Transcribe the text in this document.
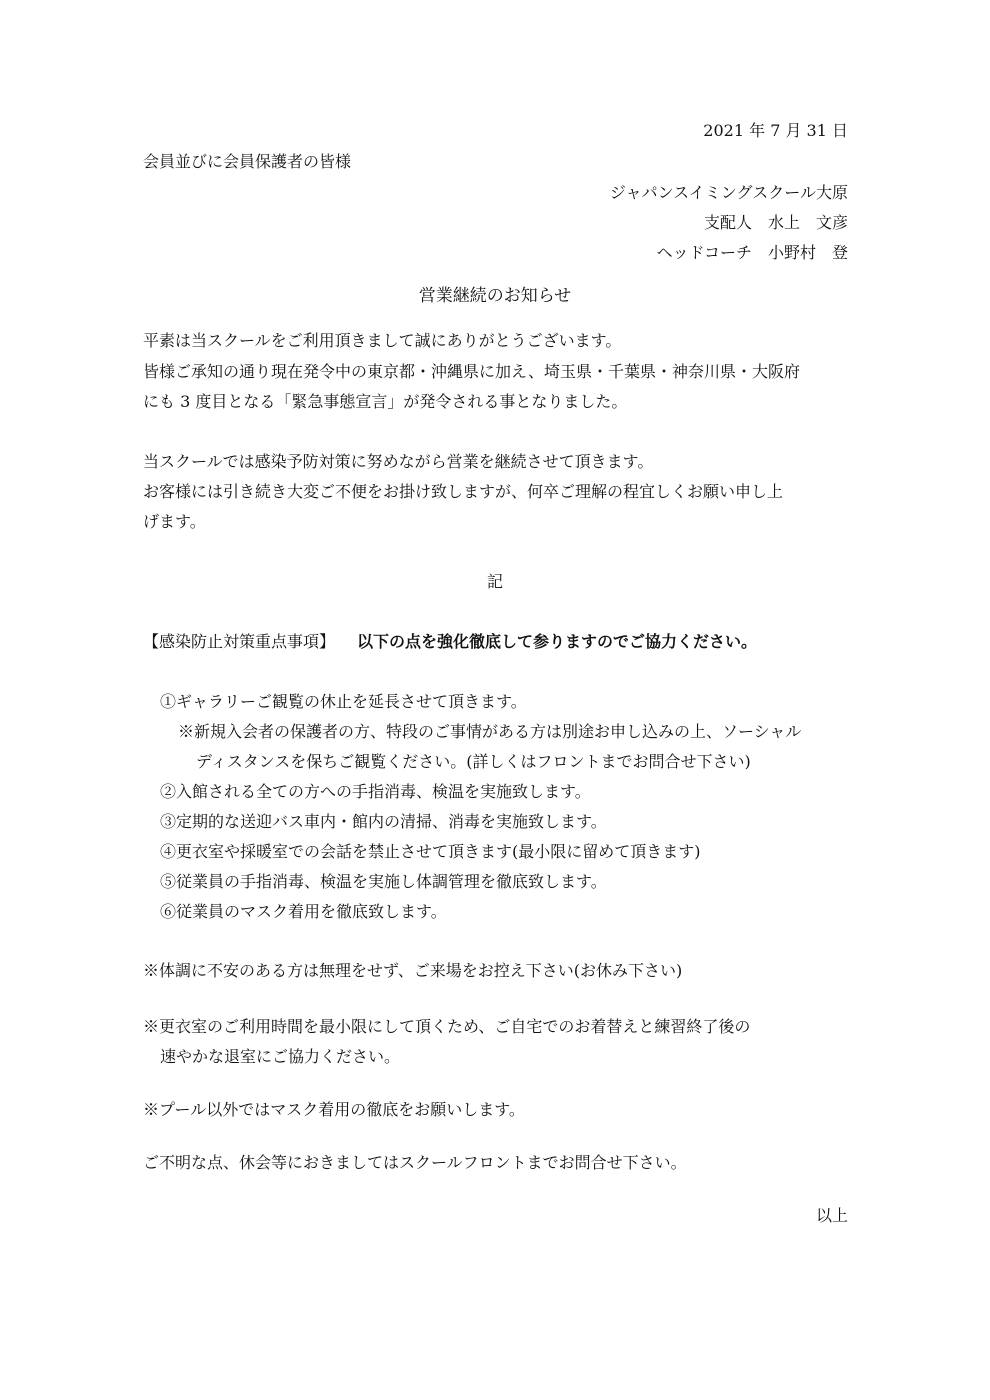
2021 年 7 月 31 日
会員並びに会員保護者の皆様
ジャパンスイミングスクール大原
支配人　水上　文彦
ヘッドコーチ　小野村　登
営業継続のお知らせ
平素は当スクールをご利用頂きまして誠にありがとうございます。
皆様ご承知の通り現在発令中の東京都・沖縄県に加え、埼玉県・千葉県・神奈川県・大阪府
にも 3 度目となる「緊急事態宣言」が発令される事となりました。
当スクールでは感染予防対策に努めながら営業を継続させて頂きます。
お客様には引き続き大変ご不便をお掛け致しますが、何卒ご理解の程宜しくお願い申し上
げます。
記
【感染防止対策重点事項】 以下の点を強化徹底して参りますのでご協力ください。
①ギャラリーご観覧の休止を延長させて頂きます。
※新規入会者の保護者の方、特段のご事情がある方は別途お申し込みの上、ソーシャル
ディスタンスを保ちご観覧ください。(詳しくはフロントまでお問合せ下さい)
②入館される全ての方への手指消毒、検温を実施致します。
③定期的な送迎バス車内・館内の清掃、消毒を実施致します。
④更衣室や採暖室での会話を禁止させて頂きます(最小限に留めて頂きます)
⑤従業員の手指消毒、検温を実施し体調管理を徹底致します。
⑥従業員のマスク着用を徹底致します。
※体調に不安のある方は無理をせず、ご来場をお控え下さい(お休み下さい)
※更衣室のご利用時間を最小限にして頂くため、ご自宅でのお着替えと練習終了後の
速やかな退室にご協力ください。
※プール以外ではマスク着用の徹底をお願いします。
ご不明な点、休会等におきましてはスクールフロントまでお問合せ下さい。
以上
